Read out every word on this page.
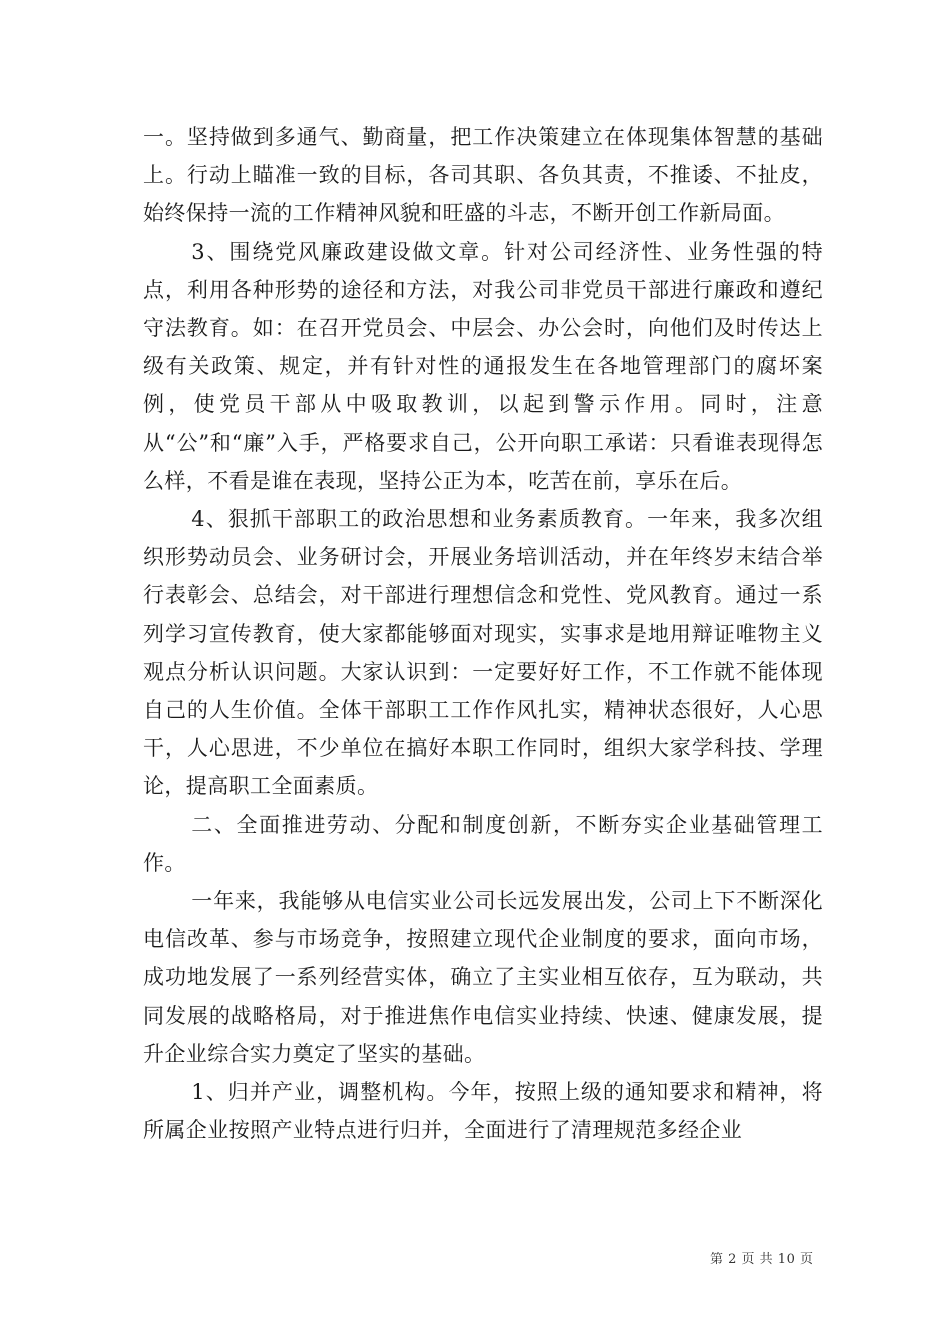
一。坚持做到多通气、勤商量，把工作决策建立在体现集体智慧的基础上。行动上瞄准一致的目标，各司其职、各负其责，不推诿、不扯皮，始终保持一流的工作精神风貌和旺盛的斗志，不断开创工作新局面。

3、围绕党风廉政建设做文章。针对公司经济性、业务性强的特点，利用各种形势的途径和方法，对我公司非党员干部进行廉政和遵纪守法教育。如：在召开党员会、中层会、办公会时，向他们及时传达上级有关政策、规定，并有针对性的通报发生在各地管理部门的腐坏案例，使党员干部从中吸取教训，以起到警示作用。同时，注意从“公”和“廉”入手，严格要求自己，公开向职工承诺：只看谁表现得怎么样，不看是谁在表现，坚持公正为本，吃苦在前，享乐在后。

4、狠抓干部职工的政治思想和业务素质教育。一年来，我多次组织形势动员会、业务研讨会，开展业务培训活动，并在年终岁末结合举行表彰会、总结会，对干部进行理想信念和党性、党风教育。通过一系列学习宣传教育，使大家都能够面对现实，实事求是地用辩证唯物主义观点分析认识问题。大家认识到：一定要好好工作，不工作就不能体现自己的人生价值。全体干部职工工作作风扎实，精神状态很好，人心思干，人心思进，不少单位在搞好本职工作同时，组织大家学科技、学理论，提高职工全面素质。

二、全面推进劳动、分配和制度创新，不断夯实企业基础管理工作。

一年来，我能够从电信实业公司长远发展出发，公司上下不断深化电信改革、参与市场竞争，按照建立现代企业制度的要求，面向市场，成功地发展了一系列经营实体，确立了主实业相互依存，互为联动，共同发展的战略格局，对于推进焦作电信实业持续、快速、健康发展，提升企业综合实力奠定了坚实的基础。

1、归并产业，调整机构。今年，按照上级的通知要求和精神，将所属企业按照产业特点进行归并，全面进行了清理规范多经企业

第 2 页 共 10 页
